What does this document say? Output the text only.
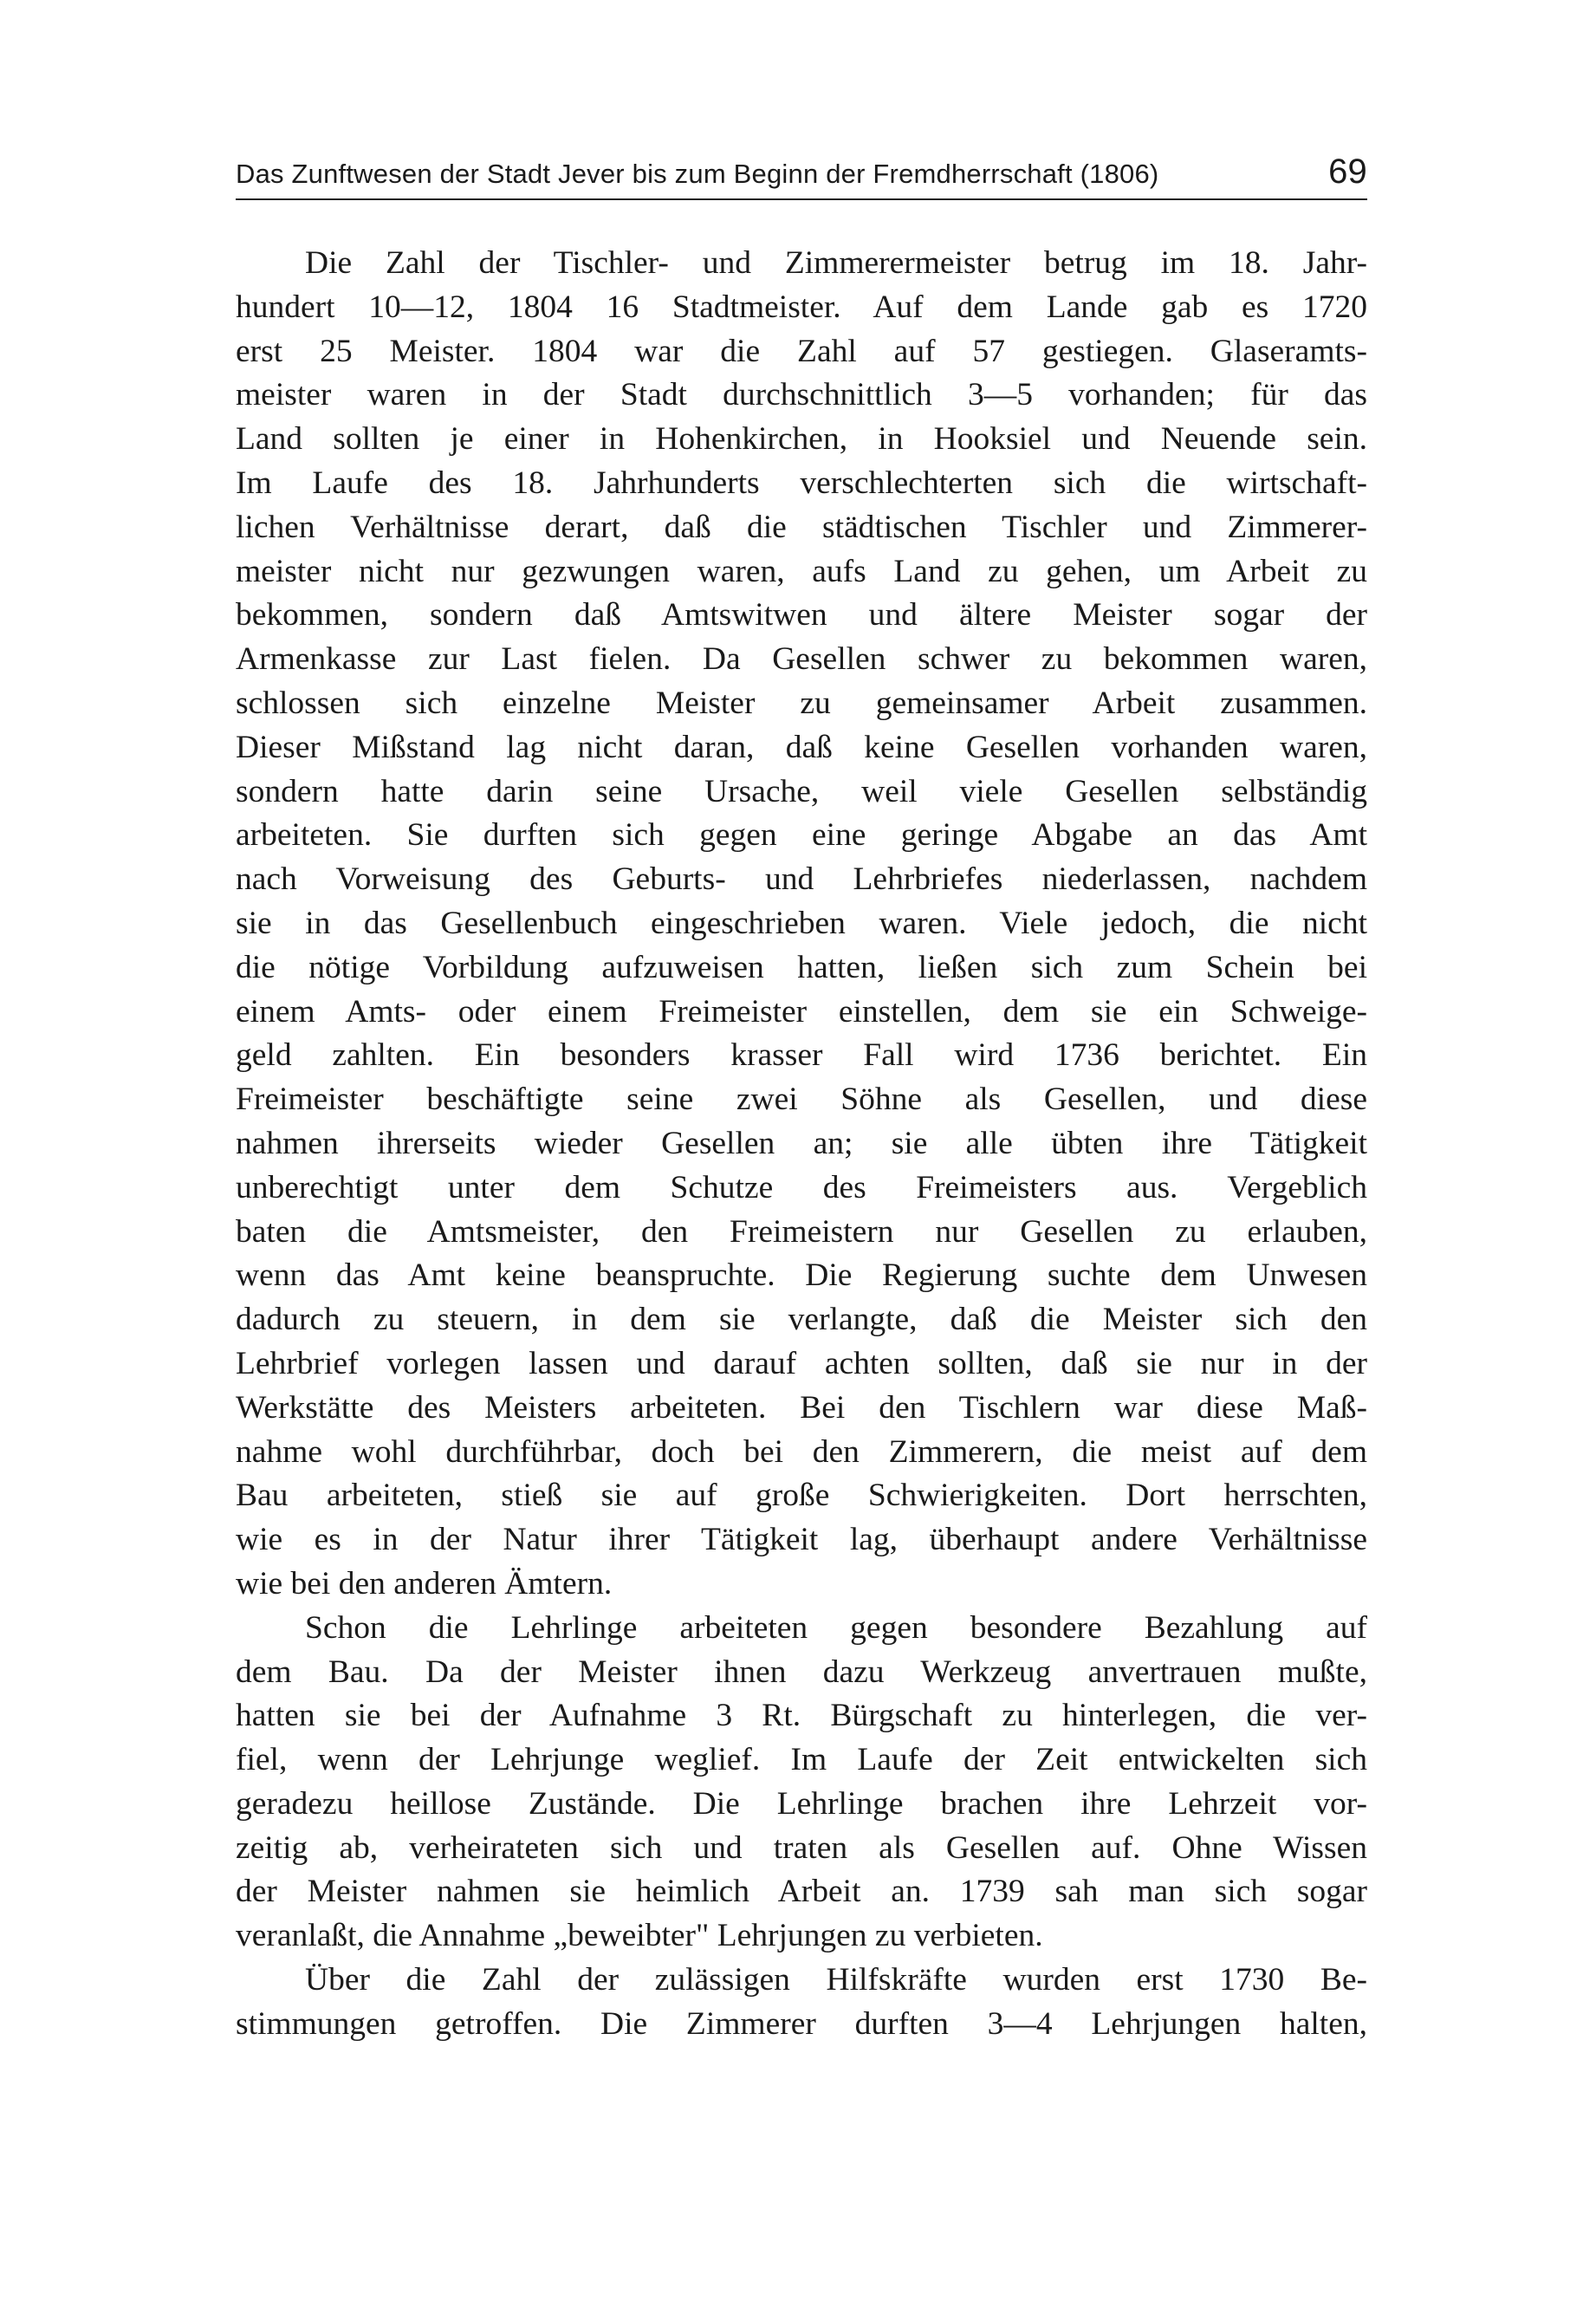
Das Zunftwesen der Stadt Jever bis zum Beginn der Fremdherrschaft (1806)	69
Die Zahl der Tischler- und Zimmerermeister betrug im 18. Jahr-
hundert 10—12, 1804 16 Stadtmeister. Auf dem Lande gab es 1720
erst 25 Meister. 1804 war die Zahl auf 57 gestiegen. Glaseramts-
meister waren in der Stadt durchschnittlich 3—5 vorhanden; für das
Land sollten je einer in Hohenkirchen, in Hooksiel und Neuende sein.
Im Laufe des 18. Jahrhunderts verschlechterten sich die wirtschaft-
lichen Verhältnisse derart, daß die städtischen Tischler und Zimmerer-
meister nicht nur gezwungen waren, aufs Land zu gehen, um Arbeit zu
bekommen, sondern daß Amtswitwen und ältere Meister sogar der
Armenkasse zur Last fielen. Da Gesellen schwer zu bekommen waren,
schlossen sich einzelne Meister zu gemeinsamer Arbeit zusammen.
Dieser Mißstand lag nicht daran, daß keine Gesellen vorhanden waren,
sondern hatte darin seine Ursache, weil viele Gesellen selbständig
arbeiteten. Sie durften sich gegen eine geringe Abgabe an das Amt
nach Vorweisung des Geburts- und Lehrbriefes niederlassen, nachdem
sie in das Gesellenbuch eingeschrieben waren. Viele jedoch, die nicht
die nötige Vorbildung aufzuweisen hatten, ließen sich zum Schein bei
einem Amts- oder einem Freimeister einstellen, dem sie ein Schweige-
geld zahlten. Ein besonders krasser Fall wird 1736 berichtet. Ein
Freimeister beschäftigte seine zwei Söhne als Gesellen, und diese
nahmen ihrerseits wieder Gesellen an; sie alle übten ihre Tätigkeit
unberechtigt unter dem Schutze des Freimeisters aus. Vergeblich
baten die Amtsmeister, den Freimeistern nur Gesellen zu erlauben,
wenn das Amt keine beanspruchte. Die Regierung suchte dem Unwesen
dadurch zu steuern, in dem sie verlangte, daß die Meister sich den
Lehrbrief vorlegen lassen und darauf achten sollten, daß sie nur in der
Werkstätte des Meisters arbeiteten. Bei den Tischlern war diese Maß-
nahme wohl durchführbar, doch bei den Zimmerern, die meist auf dem
Bau arbeiteten, stieß sie auf große Schwierigkeiten. Dort herrschten,
wie es in der Natur ihrer Tätigkeit lag, überhaupt andere Verhältnisse
wie bei den anderen Ämtern.
Schon die Lehrlinge arbeiteten gegen besondere Bezahlung auf
dem Bau. Da der Meister ihnen dazu Werkzeug anvertrauen mußte,
hatten sie bei der Aufnahme 3 Rt. Bürgschaft zu hinterlegen, die ver-
fiel, wenn der Lehrjunge weglief. Im Laufe der Zeit entwickelten sich
geradezu heillose Zustände. Die Lehrlinge brachen ihre Lehrzeit vor-
zeitig ab, verheirateten sich und traten als Gesellen auf. Ohne Wissen
der Meister nahmen sie heimlich Arbeit an. 1739 sah man sich sogar
veranlaßt, die Annahme „beweibter" Lehrjungen zu verbieten.
Über die Zahl der zulässigen Hilfskräfte wurden erst 1730 Be-
stimmungen getroffen. Die Zimmerer durften 3—4 Lehrjungen halten,
